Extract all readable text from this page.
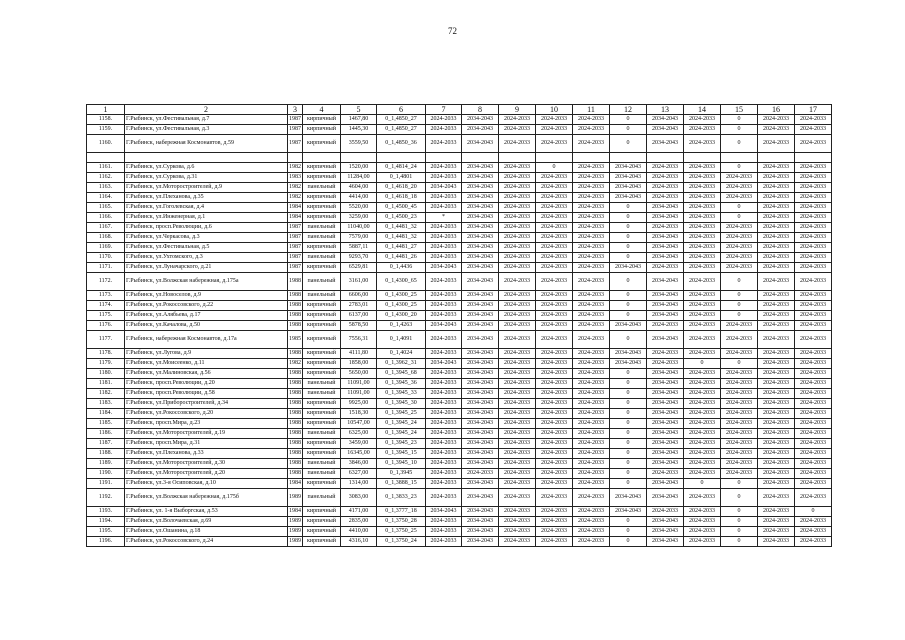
72
1	2	3	4	5	6	7	8	9	10	11	12	13	14	15	16	17
1158.	Г.Рыбинск, ул.Фестивальная, д.7	1987	кирпичный	1467,80	0_1,4850_27	2024-2033	2034-2043	2024-2033	2024-2033	2024-2033	0	2034-2043	2024-2033	0	2024-2033	2024-2033
1159.	Г.Рыбинск, ул.Фестивальная, д.3	1987	кирпичный	1445,30	0_1,4850_27	2024-2033	2034-2043	2024-2033	2024-2033	2024-2033	0	2034-2043	2024-2033	0	2024-2033	2024-2033
1160.	Г.Рыбинск, набережная Космонавтов, д.59	1987	кирпичный	3559,50	0_1,4850_36	2024-2033	2034-2043	2024-2033	2024-2033	2024-2033	0	2034-2043	2024-2033	0	2024-2033	2024-2033

1161.	Г.Рыбинск, ул.Суркова, д.6	1982	кирпичный	1520,00	0_1,4814_24	2024-2033	2034-2043	2024-2033	0	2024-2033	2034-2043	2024-2033	2024-2033	0	2024-2033	2024-2033
1162.	Г.Рыбинск, ул.Суркова, д.31	1983	кирпичный	11284,00	0_1,4801	2024-2033	2034-2043	2024-2033	2024-2033	2024-2033	2034-2043	2024-2033	2024-2033	2024-2033	2024-2033	2024-2033
1163.	Г.Рыбинск, ул.Моторостроителей, д.9	1982	панельный	4604,00	0_1,4618_20	2034-2043	2034-2043	2024-2033	2024-2033	2024-2033	2034-2043	2024-2033	2024-2033	2024-2033	2024-2033	2024-2033
1164.	Г.Рыбинск, ул.Плеханова, д.35	1982	кирпичный	4414,00	0_1,4618_18	2024-2033	2034-2043	2024-2033	2024-2033	2024-2033	2034-2043	2024-2033	2024-2033	2024-2033	2024-2033	2024-2033
1165.	Г.Рыбинск, ул.Гоголевская, д.4	1984	кирпичный	5520,00	0_1,4500_45	2024-2033	2034-2043	2024-2033	2024-2033	2024-2033	0	2034-2043	2024-2033	0	2024-2033	2024-2033
1166.	Г.Рыбинск, ул.Инженерная, д.1	1984	кирпичный	3259,00	0_1,4500_23	*	2034-2043	2024-2033	2024-2033	2024-2033	0	2034-2043	2024-2033	0	2024-2033	2024-2033
1167.	Г.Рыбинск, просп.Революции, д.6	1987	панельный	11040,00	0_1,4481_32	2024-2033	2034-2043	2024-2033	2024-2033	2024-2033	0	2024-2033	2024-2033	2024-2033	2024-2033	2024-2033
1168.	Г.Рыбинск, ул.Черкасова, д.3	1987	панельный	7579,00	0_1,4481_32	2024-2033	2034-2043	2024-2033	2024-2033	2024-2033	0	2034-2043	2024-2033	2024-2033	2024-2033	2024-2033
1169.	Г.Рыбинск, ул.Фестивальная, д.5	1987	кирпичный	5887,11	0_1,4481_27	2024-2033	2034-2043	2024-2033	2024-2033	2024-2033	0	2034-2043	2024-2033	2024-2033	2024-2033	2024-2033
1170.	Г.Рыбинск, ул.Ухтомского, д.3	1987	панельный	9293,70	0_1,4481_26	2024-2033	2034-2043	2024-2033	2024-2033	2024-2033	0	2034-2043	2024-2033	2024-2033	2024-2033	2024-2033
1171.	Г.Рыбинск, ул.Луначарского, д.21	1987	кирпичный	6529,81	0_1,4436	2034-2043	2034-2043	2024-2033	2024-2033	2024-2033	2034-2043	2024-2033	2024-2033	2024-2033	2024-2033	2024-2033
1172.	Г.Рыбинск, ул.Волжская набережная, д.175а	1988	панельный	3161,00	0_1,4300_65	2024-2033	2034-2043	2024-2033	2024-2033	2024-2033	0	2034-2043	2024-2033	0	2024-2033	2024-2033
1173.	Г.Рыбинск, ул.Новоселов, д.9	1988	панельный	6606,00	0_1,4300_25	2024-2033	2034-2043	2024-2033	2024-2033	2024-2033	0	2034-2043	2024-2033	0	2024-2033	2024-2033
1174.	Г.Рыбинск, ул.Рокоссовского, д.22	1988	кирпичный	2783,01	0_1,4300_25	2024-2033	2034-2043	2024-2033	2024-2033	2024-2033	0	2034-2043	2024-2033	0	2024-2033	2024-2033
1175.	Г.Рыбинск, ул.Алябьева, д.17	1988	кирпичный	6137,00	0_1,4300_20	2024-2033	2034-2043	2024-2033	2024-2033	2024-2033	0	2034-2043	2024-2033	0	2024-2033	2024-2033
1176.	Г.Рыбинск, ул.Качалова, д.50	1988	кирпичный	5878,50	0_1,4263	2034-2043	2034-2043	2024-2033	2024-2033	2024-2033	2034-2043	2024-2033	2024-2033	2024-2033	2024-2033	2024-2033
1177.	Г.Рыбинск, набережная Космонавтов, д.17а	1985	кирпичный	7556,31	0_1,4091	2024-2033	2034-2043	2024-2033	2024-2033	2024-2033	0	2034-2043	2024-2033	2024-2033	2024-2033	2024-2033
1178.	Г.Рыбинск, ул.Лугова, д.9	1988	кирпичный	4111,80	0_1,4024	2024-2033	2034-2043	2024-2033	2024-2033	2024-2033	2034-2043	2024-2033	2024-2033	2024-2033	2024-2033	2024-2033
1179.	Г.Рыбинск, ул.Моисеенко, д.11	1982	кирпичный	1858,00	0_1,3962_31	2034-2043	2034-2043	2024-2033	2024-2033	2024-2033	2034-2043	2024-2033	0	0	2024-2033	2024-2033
1180.	Г.Рыбинск, ул.Малиновская, д.56	1988	кирпичный	5650,00	0_1,3945_68	2024-2033	2034-2043	2024-2033	2024-2033	2024-2033	0	2034-2043	2024-2033	2024-2033	2024-2033	2024-2033
1181.	Г.Рыбинск, просп.Революции, д.20	1988	панельный	11091,00	0_1,3945_36	2024-2033	2034-2043	2024-2033	2024-2033	2024-2033	0	2034-2043	2024-2033	2024-2033	2024-2033	2024-2033
1182.	Г.Рыбинск, просп.Революции, д.58	1988	панельный	11091,00	0_1,3945_33	2024-2033	2034-2043	2024-2033	2024-2033	2024-2033	0	2034-2043	2024-2033	2024-2033	2024-2033	2024-2033
1183.	Г.Рыбинск, ул.Приборостроителей, д.34	1988	кирпичный	9925,00	0_1,3945_30	2024-2033	2034-2043	2024-2033	2024-2033	2024-2033	0	2034-2043	2024-2033	2024-2033	2024-2033	2024-2033
1184.	Г.Рыбинск, ул.Рокоссовского, д.20	1988	кирпичный	1518,30	0_1,3945_25	2024-2033	2034-2043	2024-2033	2024-2033	2024-2033	0	2034-2043	2024-2033	2024-2033	2024-2033	2024-2033
1185.	Г.Рыбинск, просп.Мира, д.23	1988	кирпичный	10547,00	0_1,3945_24	2024-2033	2034-2043	2024-2033	2024-2033	2024-2033	0	2034-2043	2024-2033	2024-2033	2024-2033	2024-2033
1186.	Г.Рыбинск, ул.Моторостроителей, д.19	1988	панельный	6325,00	0_1,3945_24	2024-2033	2034-2043	2024-2033	2024-2033	2024-2033	0	2034-2043	2024-2033	2024-2033	2024-2033	2024-2033
1187.	Г.Рыбинск, просп.Мира, д.31	1988	кирпичный	3459,00	0_1,3945_23	2024-2033	2034-2043	2024-2033	2024-2033	2024-2033	0	2034-2043	2024-2033	2024-2033	2024-2033	2024-2033
1188.	Г.Рыбинск, ул.Плеханова, д.33	1988	кирпичный	16345,00	0_1,3945_15	2024-2033	2034-2043	2024-2033	2024-2033	2024-2033	0	2034-2043	2024-2033	2024-2033	2024-2033	2024-2033
1189.	Г.Рыбинск, ул.Моторостроителей, д.30	1988	панельный	3846,00	0_1,3945_10	2024-2033	2034-2043	2024-2033	2024-2033	2024-2033	0	2034-2043	2024-2033	2024-2033	2024-2033	2024-2033
1190.	Г.Рыбинск, ул.Моторостроителей, д.20	1988	панельный	6327,00	0_1,3945	2024-2033	2024-2033	2024-2033	2024-2033	2024-2033	0	2024-2033	2024-2033	2024-2033	2024-2033	2024-2033
1191.	Г.Рыбинск, ул.3-я Осиповская, д.10	1984	кирпичный	1314,00	0_1,3888_15	2024-2033	2034-2043	2024-2033	2024-2033	2024-2033	0	2034-2043	0	0	2024-2033	2024-2033
1192.	Г.Рыбинск, ул.Волжская набережная, д.175б	1989	панельный	3083,00	0_1,3833_23	2024-2033	2034-2043	2024-2033	2024-2033	2024-2033	2034-2043	2034-2043	2024-2033	0	2024-2033	2024-2033
1193.	Г.Рыбинск, ул. 1-я Выборгская, д.53	1984	кирпичный	4171,00	0_1,3777_18	2034-2043	2034-2043	2024-2033	2024-2033	2024-2033	2034-2043	2024-2033	2024-2033	0	2024-2033	0
1194.	Г.Рыбинск, ул.Волочаевская, д.69	1989	кирпичный	2835,00	0_1,3750_28	2024-2033	2034-2043	2024-2033	2024-2033	2024-2033	0	2034-2043	2024-2033	0	2024-2033	2024-2033
1195.	Г.Рыбинск, ул.Ошанина, д.18	1989	кирпичный	4410,00	0_1,3750_25	2024-2033	2034-2043	2024-2033	2024-2033	2024-2033	0	2034-2043	2024-2033	0	2024-2033	2024-2033
1196.	Г.Рыбинск, ул.Рокоссовского, д.24	1989	кирпичный	4316,10	0_1,3750_24	2024-2033	2034-2043	2024-2033	2024-2033	2024-2033	0	2034-2043	2024-2033	0	2024-2033	2024-2033
